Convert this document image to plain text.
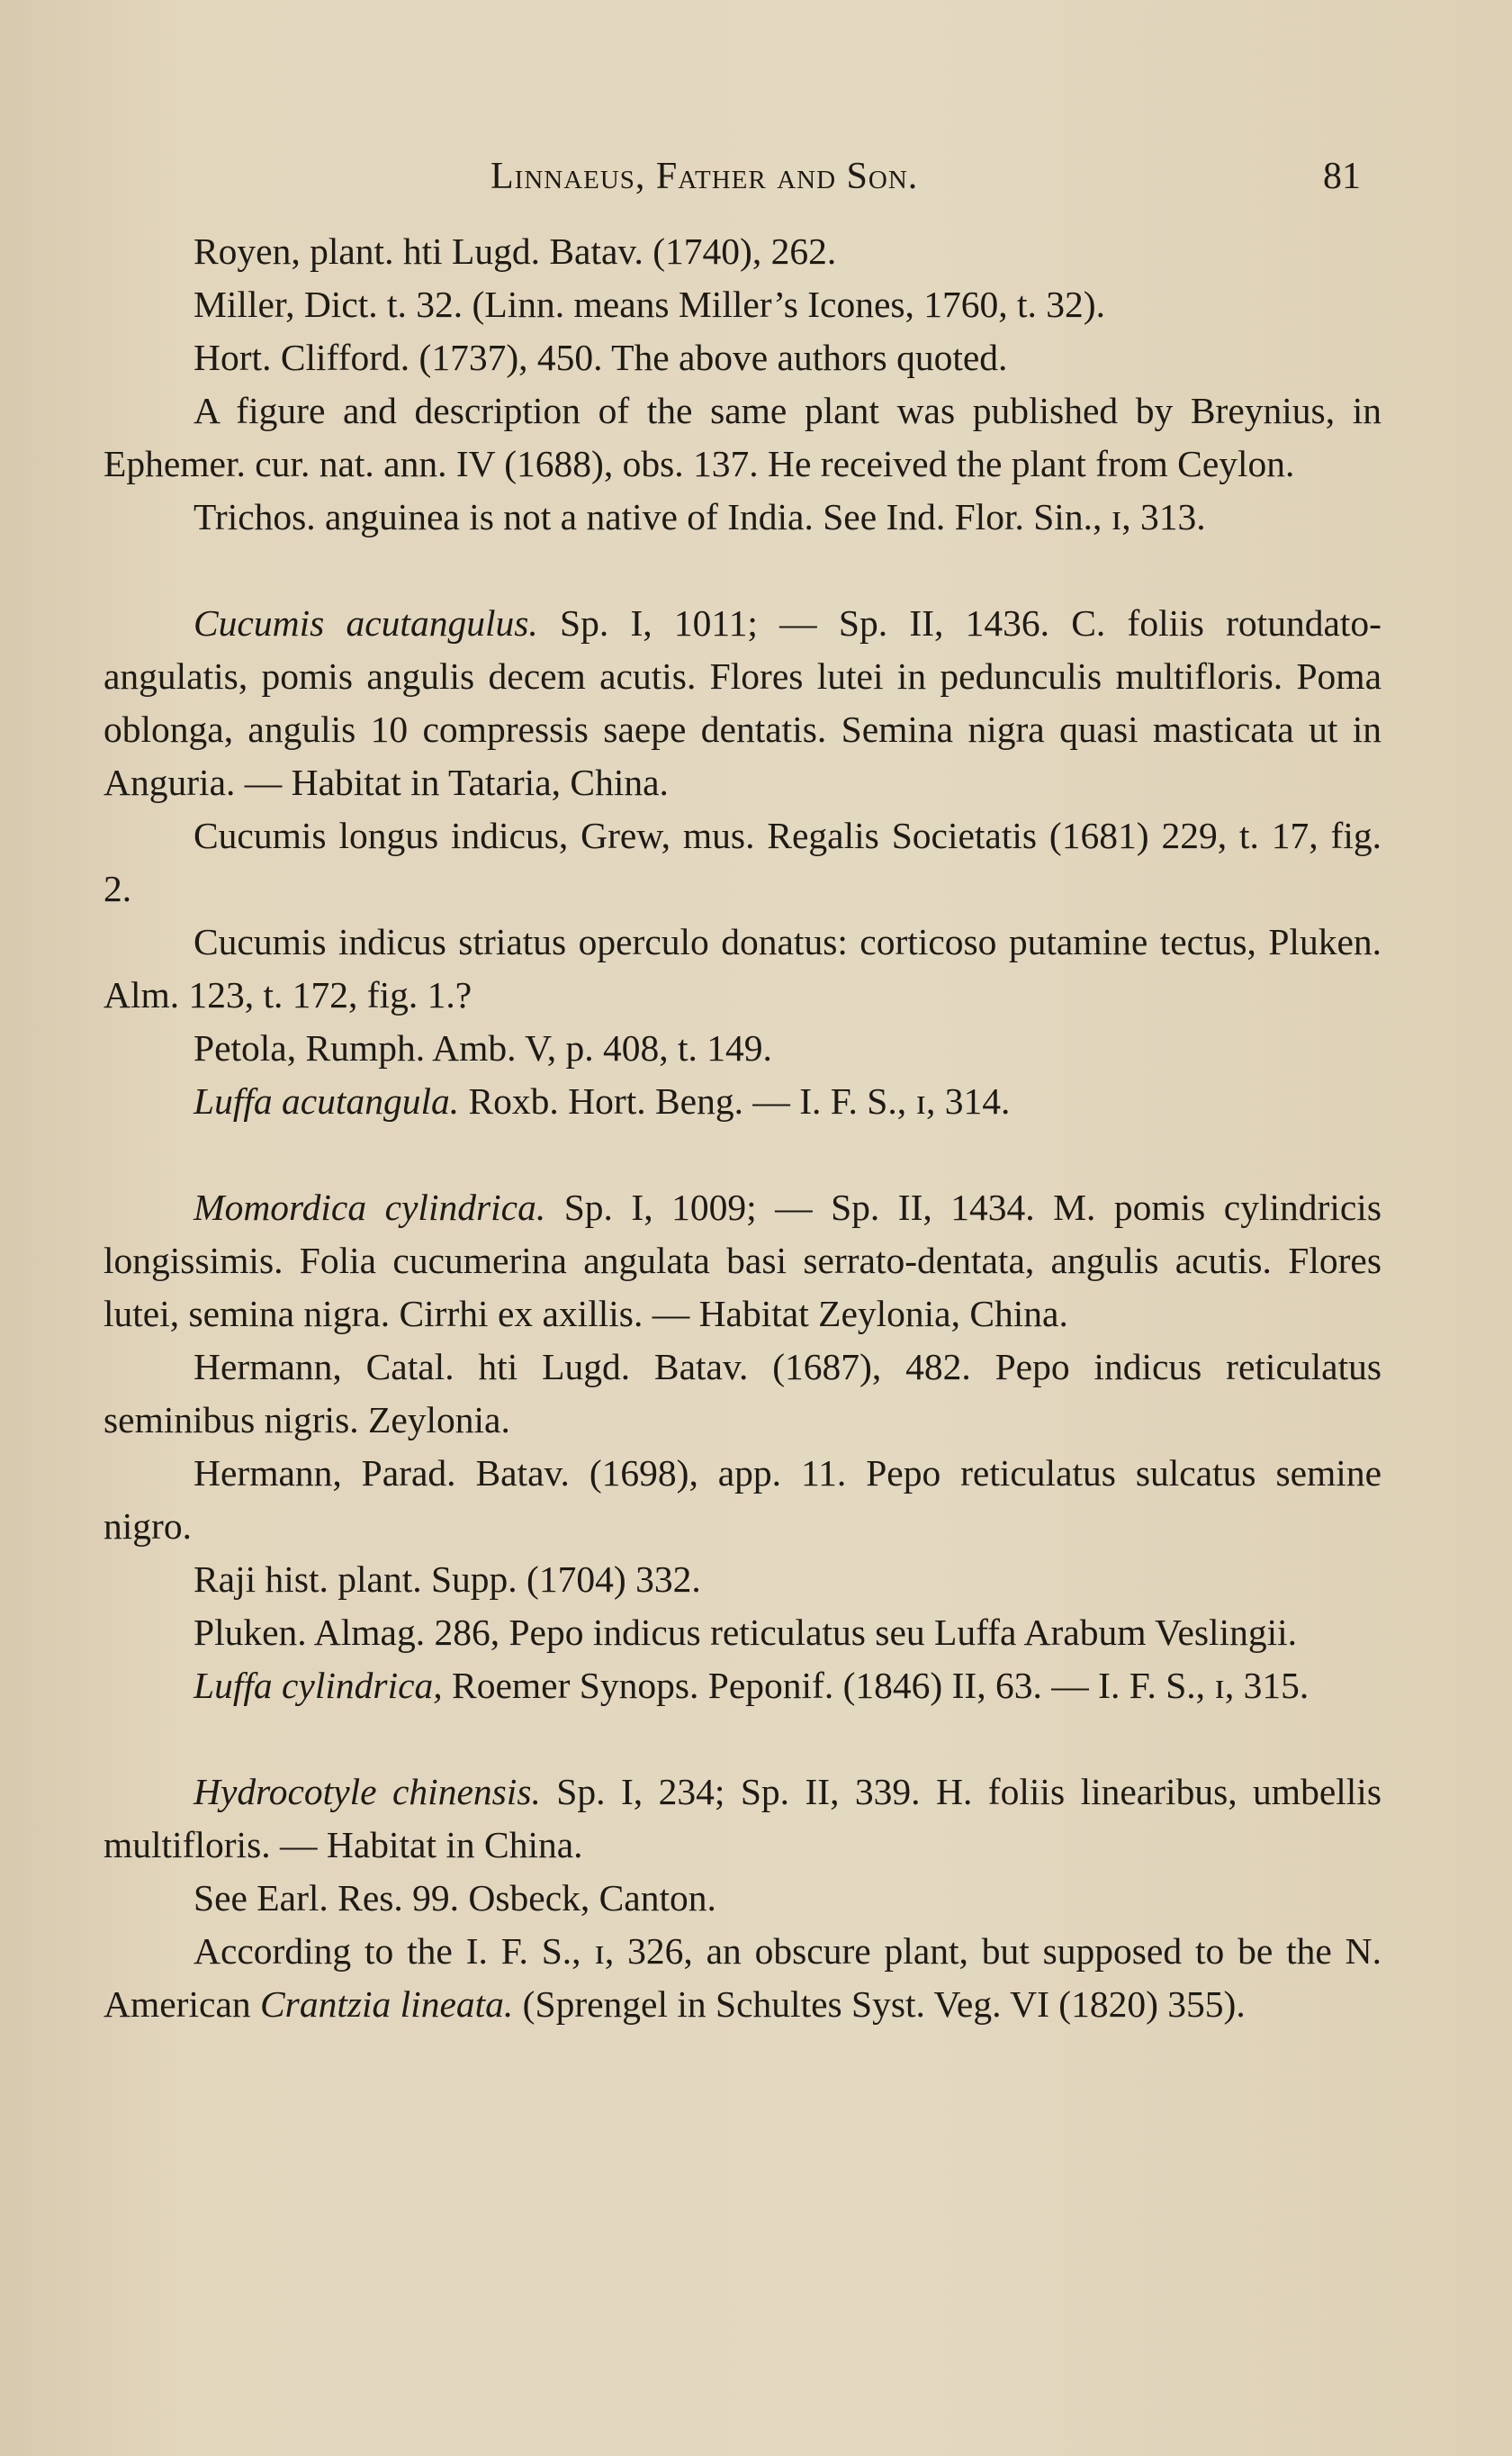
Linnaeus, Father and Son.	81

Royen, plant. hti Lugd. Batav. (1740), 262.

Miller, Dict. t. 32. (Linn. means Miller’s Icones, 1760, t. 32).

Hort. Clifford. (1737), 450. The above authors quoted.

A figure and description of the same plant was published by Breynius, in Ephemer. cur. nat. ann. IV (1688), obs. 137. He received the plant from Ceylon.

Trichos. anguinea is not a native of India. See Ind. Flor. Sin., ɪ, 313.

Cucumis acutangulus. Sp. I, 1011; — Sp. II, 1436. C. foliis rotundato-angulatis, pomis angulis decem acutis. Flores lutei in pedunculis multifloris. Poma oblonga, angulis 10 compressis saepe dentatis. Semina nigra quasi masticata ut in Anguria. — Habitat in Tataria, China.

Cucumis longus indicus, Grew, mus. Regalis Societatis (1681) 229, t. 17, fig. 2.

Cucumis indicus striatus operculo donatus: corticoso putamine tectus, Pluken. Alm. 123, t. 172, fig. 1.?

Petola, Rumph. Amb. V, p. 408, t. 149.

Luffa acutangula. Roxb. Hort. Beng. — I. F. S., ɪ, 314.

Momordica cylindrica. Sp. I, 1009; — Sp. II, 1434. M. pomis cylindricis longissimis. Folia cucumerina angulata basi serrato-dentata, angulis acutis. Flores lutei, semina nigra. Cirrhi ex axillis. — Habitat Zeylonia, China.

Hermann, Catal. hti Lugd. Batav. (1687), 482. Pepo indicus reticulatus seminibus nigris. Zeylonia.

Hermann, Parad. Batav. (1698), app. 11. Pepo reticulatus sulcatus semine nigro.

Raji hist. plant. Supp. (1704) 332.

Pluken. Almag. 286, Pepo indicus reticulatus seu Luffa Arabum Veslingii.

Luffa cylindrica, Roemer Synops. Peponif. (1846) II, 63. — I. F. S., ɪ, 315.

Hydrocotyle chinensis. Sp. I, 234; Sp. II, 339. H. foliis linearibus, umbellis multifloris. — Habitat in China.

See Earl. Res. 99. Osbeck, Canton.

According to the I. F. S., ɪ, 326, an obscure plant, but supposed to be the N. American Crantzia lineata. (Sprengel in Schultes Syst. Veg. VI (1820) 355).
